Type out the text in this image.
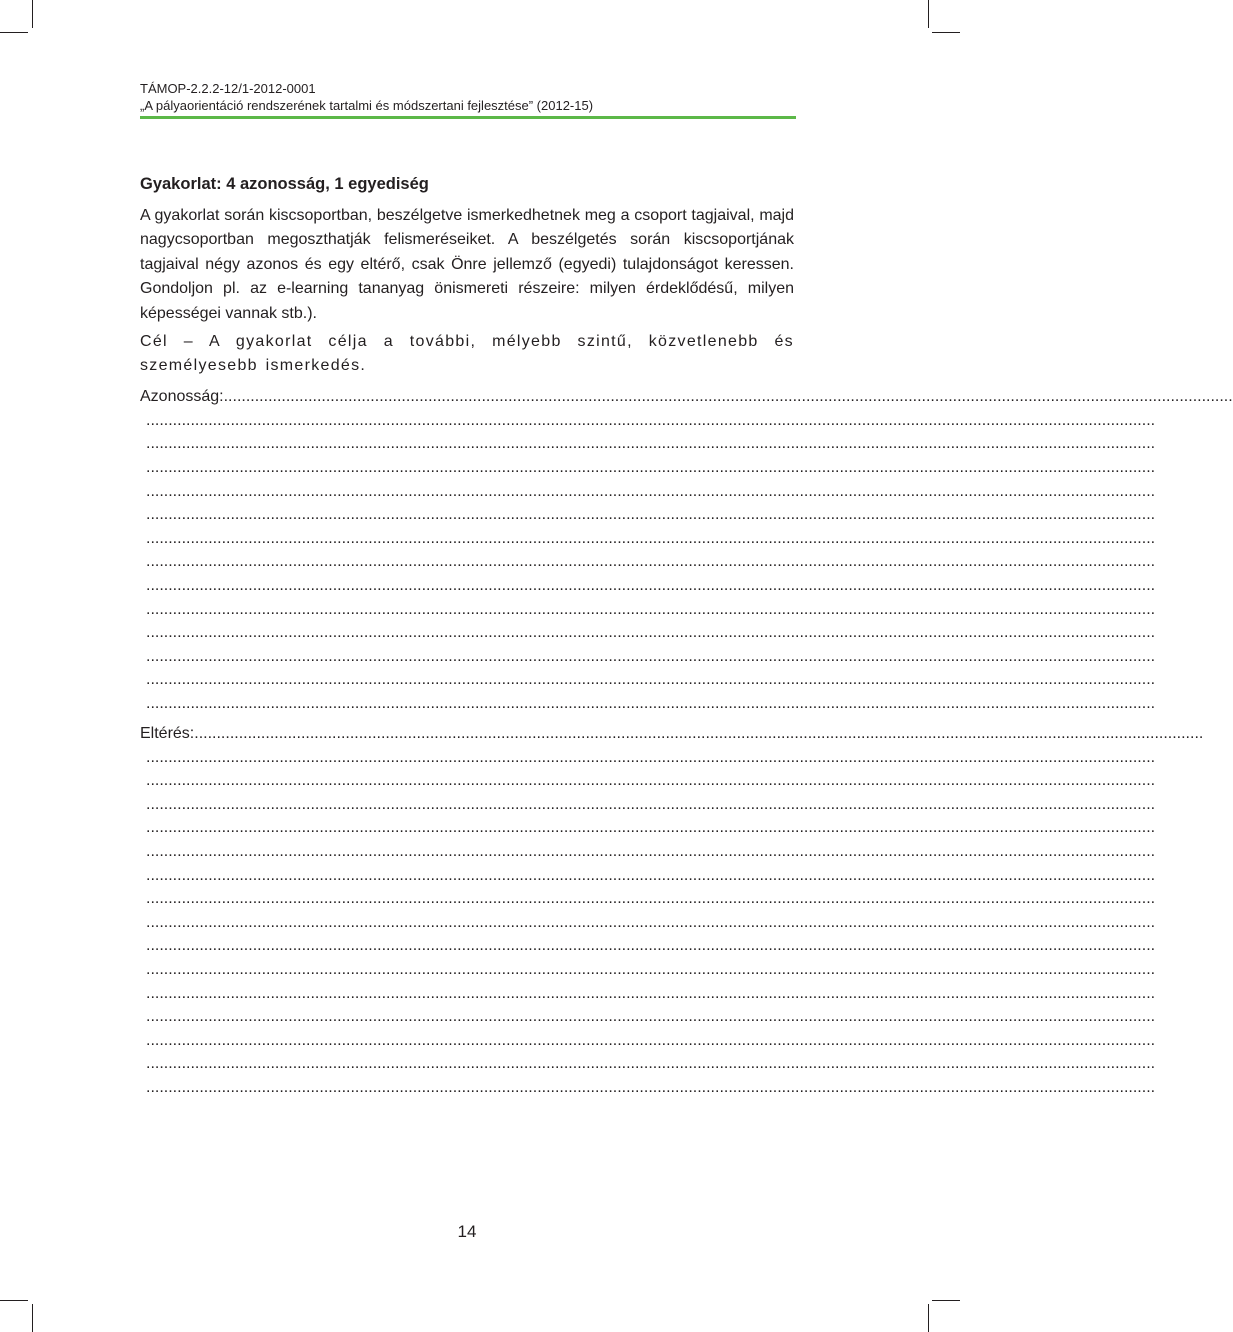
TÁMOP-2.2.2-12/1-2012-0001
„A pályaorientáció rendszerének tartalmi és módszertani fejlesztése” (2012-15)
Gyakorlat: 4 azonosság, 1 egyediség

A gyakorlat során kiscsoportban, beszélgetve ismerkedhetnek meg a csoport tagjaival, majd nagycsoportban megoszthatják felismeréseiket. A beszélgetés során kiscsoportjának tagjaival négy azonos és egy eltérő, csak Önre jellemző (egyedi) tulajdonságot keressen. Gondoljon pl. az e-learning tananyag önismereti részeire: milyen érdeklődésű, milyen képességei vannak stb.).

Cél – A gyakorlat célja a további, mélyebb szintű, közvetlenebb és személyesebb ismerkedés.

Azonosság:...................................................................................................................................................................................................................................
...................................................................................................................................................................................................................................
...................................................................................................................................................................................................................................
...................................................................................................................................................................................................................................
...................................................................................................................................................................................................................................
...................................................................................................................................................................................................................................
...................................................................................................................................................................................................................................
...................................................................................................................................................................................................................................
...................................................................................................................................................................................................................................
...................................................................................................................................................................................................................................
...................................................................................................................................................................................................................................
...................................................................................................................................................................................................................................
...................................................................................................................................................................................................................................
...................................................................................................................................................................................................................................
Eltérés:...................................................................................................................................................................................................................................
...................................................................................................................................................................................................................................
...................................................................................................................................................................................................................................
...................................................................................................................................................................................................................................
...................................................................................................................................................................................................................................
...................................................................................................................................................................................................................................
...................................................................................................................................................................................................................................
...................................................................................................................................................................................................................................
...................................................................................................................................................................................................................................
...................................................................................................................................................................................................................................
...................................................................................................................................................................................................................................
...................................................................................................................................................................................................................................
...................................................................................................................................................................................................................................
...................................................................................................................................................................................................................................
...................................................................................................................................................................................................................................
...................................................................................................................................................................................................................................
14
